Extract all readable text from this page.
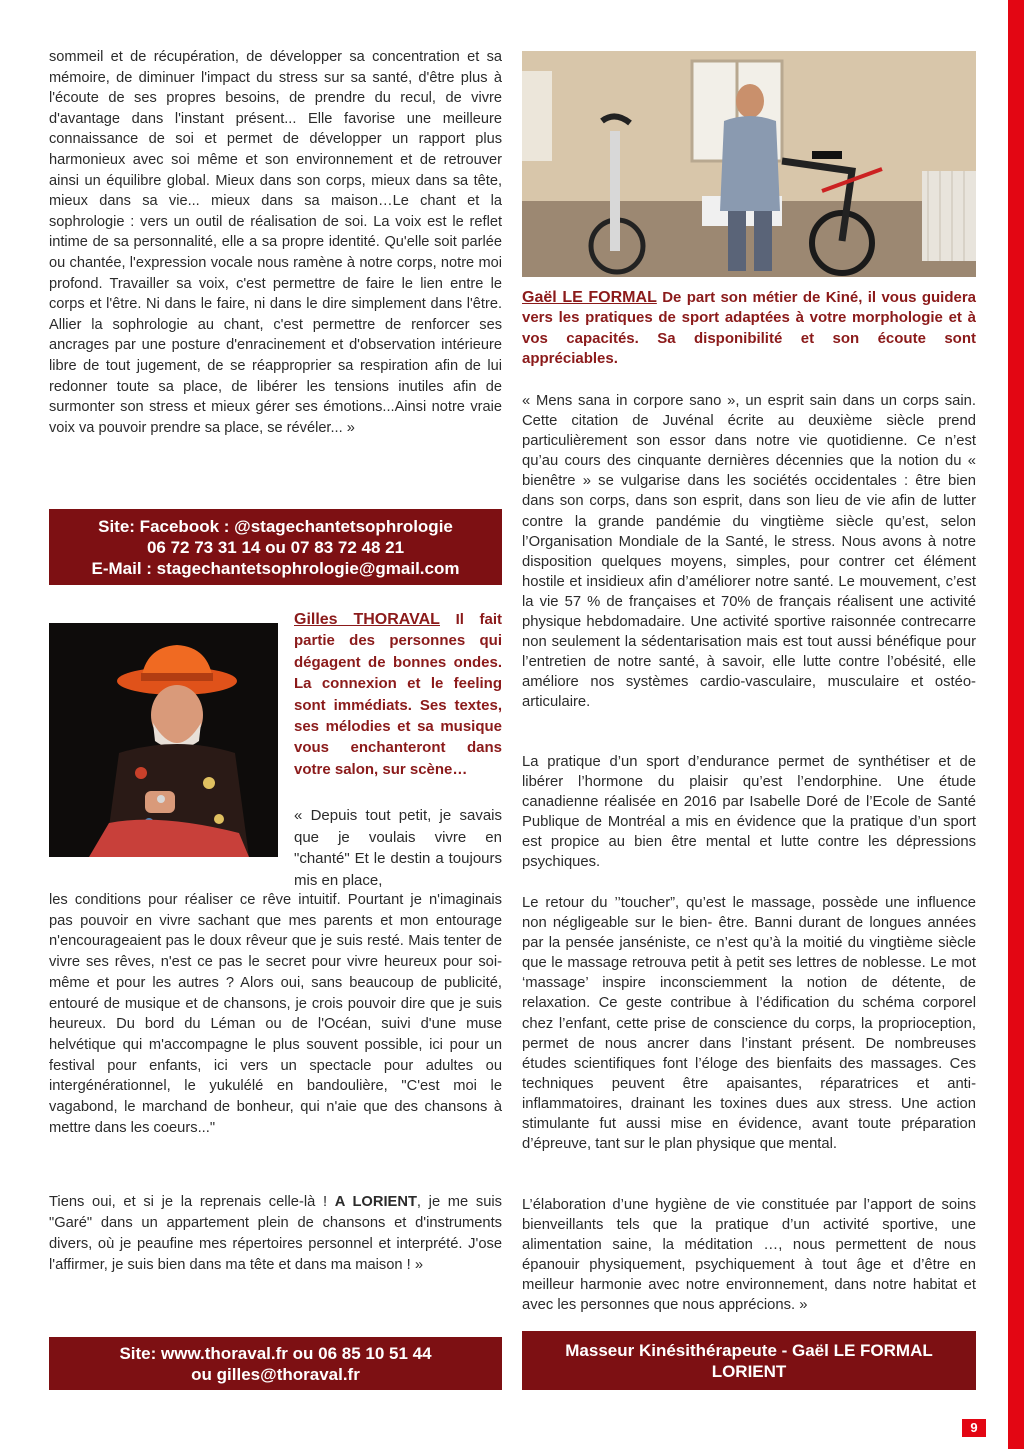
sommeil et de récupération, de développer sa concentration et sa mémoire, de diminuer l'impact du stress sur sa santé, d'être plus à l'écoute de ses propres besoins, de prendre du recul, de vivre d'avantage dans l'instant présent... Elle favorise une meilleure connaissance de soi et permet de développer un rapport plus harmonieux avec soi même et son environnement et de retrouver ainsi un équilibre global. Mieux dans son corps, mieux dans sa tête, mieux dans sa vie... mieux dans sa maison…Le chant et la sophrologie : vers un outil de réalisation de soi. La voix est le reflet intime de sa personnalité, elle a sa propre identité. Qu'elle soit parlée ou chantée, l'expression vocale nous ramène à notre corps, notre moi profond. Travailler sa voix, c'est permettre de faire le lien entre le corps et l'être. Ni dans le faire, ni dans le dire simplement dans l'être. Allier la sophrologie au chant, c'est permettre de renforcer ses ancrages par une posture d'enracinement et d'observation intérieure libre de tout jugement, de se réapproprier sa respiration afin de lui redonner toute sa place, de libérer les tensions inutiles afin de surmonter son stress et mieux gérer ses émotions...Ainsi notre vraie voix va pouvoir prendre sa place, se révéler... »

Site: Facebook : @stagechantetsophrologie
06 72 73 31 14 ou 07 83 72 48 21
E-Mail : stagechantetsophrologie@gmail.com
Gilles THORAVAL Il fait partie des personnes qui dégagent de bonnes ondes. La connexion et le feeling sont immédiats. Ses textes, ses mélodies et sa musique vous enchanteront dans votre salon, sur scène…

« Depuis tout petit, je savais que je voulais vivre en "chanté" Et le destin a toujours mis en place,

les conditions pour réaliser ce rêve intuitif. Pourtant je n'imaginais pas pouvoir en vivre sachant que mes parents et mon entourage n'encourageaient pas le doux rêveur que je suis resté. Mais tenter de vivre ses rêves, n'est ce pas le secret pour vivre heureux pour soi-même et pour les autres ? Alors oui, sans beaucoup de publicité, entouré de musique et de chansons, je crois pouvoir dire que je suis heureux. Du bord du Léman ou de l'Océan, suivi d'une muse helvétique qui m'accompagne le plus souvent possible, ici pour un festival pour enfants, ici vers un spectacle pour adultes ou intergénérationnel, le yukulélé en bandoulière, "C'est moi le vagabond, le marchand de bonheur, qui n'aie que des chansons à mettre dans les coeurs..."

Tiens oui, et si je la reprenais celle-là ! A LORIENT, je me suis "Garé" dans un appartement plein de chansons et d'instruments divers, où je peaufine mes répertoires personnel et interprété. J'ose l'affirmer, je suis bien dans ma tête et dans ma maison ! »

Site: www.thoraval.fr ou 06 85 10 51 44
ou gilles@thoraval.fr
Gaël LE FORMAL De part son métier de Kiné, il vous guidera vers les pratiques de sport adaptées à votre morphologie et à vos capacités. Sa disponibilité et son écoute sont appréciables.

« Mens sana in corpore sano », un esprit sain dans un corps sain. Cette citation de Juvénal écrite au deuxième siècle prend particulièrement son essor dans notre vie quotidienne. Ce n’est qu’au cours des cinquante dernières décennies que la notion du « bienêtre » se vulgarise dans les sociétés occidentales : être bien dans son corps, dans son esprit, dans son lieu de vie afin de lutter contre la grande pandémie du vingtième siècle qu’est, selon l’Organisation Mondiale de la Santé, le stress. Nous avons à notre disposition quelques moyens, simples, pour contrer cet élément hostile et insidieux afin d’améliorer notre santé. Le mouvement, c’est la vie 57 % de françaises et 70% de français réalisent une activité physique hebdomadaire. Une activité sportive raisonnée contrecarre non seulement la sédentarisation mais est tout aussi bénéfique pour l’entretien de notre santé, à savoir, elle lutte contre l’obésité, elle améliore nos systèmes cardio-vasculaire, musculaire et ostéo-articulaire.

La pratique d’un sport d’endurance permet de synthétiser et de libérer l’hormone du plaisir qu’est l’endorphine. Une étude canadienne réalisée en 2016 par Isabelle Doré de l’Ecole de Santé Publique de Montréal a mis en évidence que la pratique d’un sport est propice au bien être mental et lutte contre les dépressions psychiques.

Le retour du ’’toucher”, qu’est le massage, possède une influence non négligeable sur le bien- être. Banni durant de longues années par la pensée janséniste, ce n’est qu’à la moitié du vingtième siècle que le massage retrouva petit à petit ses lettres de noblesse. Le mot ‘massage’ inspire inconsciemment la notion de détente, de relaxation. Ce geste contribue à l’édification du schéma corporel chez l’enfant, cette prise de conscience du corps, la proprioception, permet de nous ancrer dans l’instant présent. De nombreuses études scientifiques font l’éloge des bienfaits des massages. Ces techniques peuvent être apaisantes, réparatrices et anti-inflammatoires, drainant les toxines dues aux stress. Une action stimulante fut aussi mise en évidence, avant toute préparation d’épreuve, tant sur le plan physique que mental.

L’élaboration d’une hygiène de vie constituée par l’apport de soins bienveillants tels que la pratique d’un activité sportive, une alimentation saine, la méditation …, nous permettent de nous épanouir physiquement, psychiquement à tout âge et d’être en meilleur harmonie avec notre environnement, dans notre habitat et avec les personnes que nous apprécions. »

Masseur Kinésithérapeute - Gaël LE FORMAL
LORIENT
9
